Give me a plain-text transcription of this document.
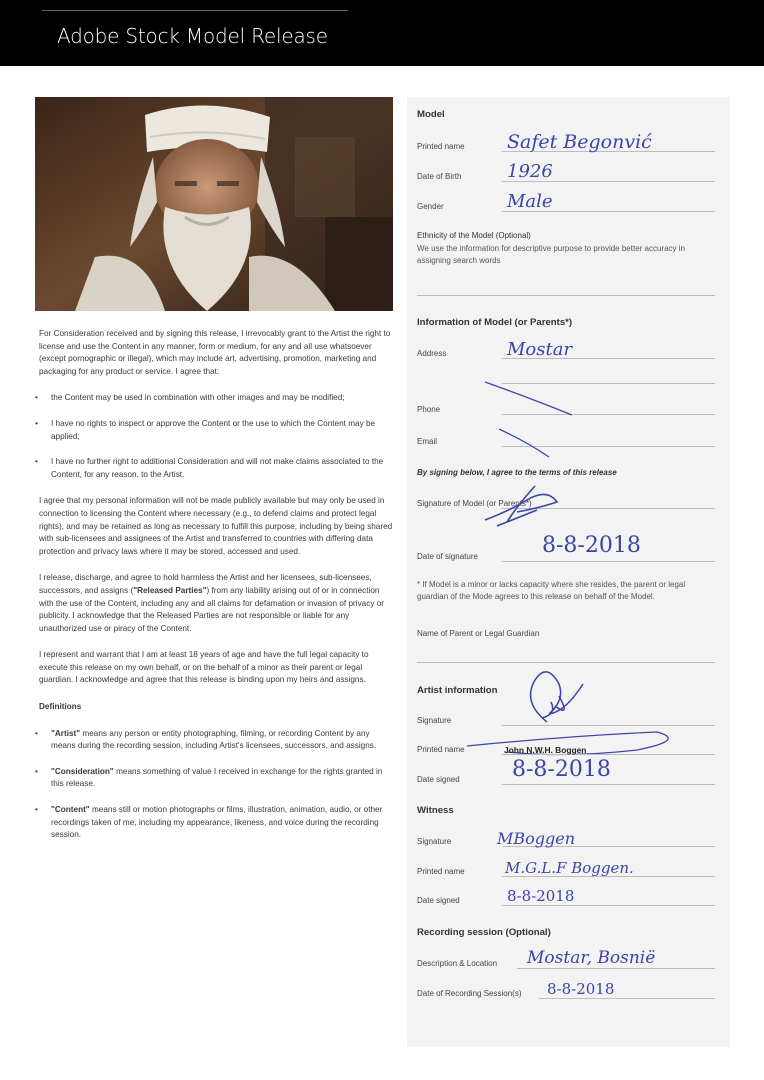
Adobe Stock Model Release

For Consideration received and by signing this release, I irrevocably grant to the Artist the right to license and use the Content in any manner, form or medium, for any and all use whatsoever (except pornographic or illegal), which may include art, advertising, promotion, marketing and packaging for any product or service. I agree that:

• the Content may be used in combination with other images and may be modified;
• I have no rights to inspect or approve the Content or the use to which the Content may be applied;
• I have no further right to additional Consideration and will not make claims associated to the Content, for any reason, to the Artist.

I agree that my personal information will not be made publicly available but may only be used in connection to licensing the Content where necessary (e.g., to defend claims and protect legal rights), and may be retained as long as necessary to fulfill this purpose, including by being shared with sub-licensees and assignees of the Artist and transferred to countries with differing data protection and privacy laws where it may be stored, accessed and used.

I release, discharge, and agree to hold harmless the Artist and her licensees, sub-licensees, successors, and assigns ("Released Parties") from any liability arising out of or in connection with the use of the Content, including any and all claims for defamation or invasion of privacy or publicity. I acknowledge that the Released Parties are not responsible or liable for any unauthorized use or piracy of the Content.

I represent and warrant that I am at least 18 years of age and have the full legal capacity to execute this release on my own behalf, or on the behalf of a minor as their parent or legal guardian. I acknowledge and agree that this release is binding upon my heirs and assigns.

Definitions
• "Artist" means any person or entity photographing, filming, or recording Content by any means during the recording session, including Artist's licensees, successors, and assigns.
• "Consideration" means something of value I received in exchange for the rights granted in this release.
• "Content" means still or motion photographs or films, illustration, animation, audio, or other recordings taken of me, including my appearance, likeness, and voice during the recording session.
Model
Printed name Safet Begonvić
Date of Birth	1926
Gender	Male
Ethnicity of the Model (Optional)
We use the information for descriptive purpose to provide better accuracy in assigning search words
Information of Model (or Parents*)
Address	Mostar
Phone
Email
By signing below, I agree to the terms of this release
Signature of Model (or Parents*)
Date of signature	8-8-2018
* If Model is a minor or lacks capacity where she resides, the parent or legal guardian of the Mode agrees to this release on behalf of the Model.
Name of Parent or Legal Guardian
Artist information
Signature
Printed name	John N.W.H. Boggen
Date signed 8-8-2018
Witness
Signature	MBoggen
Printed name	M.G.L.F Boggen.
Date signed	8-8-2018
Recording session (Optional)
Description & Location Mostar, Bosnië
Date of Recording Session(s) 8-8-2018
